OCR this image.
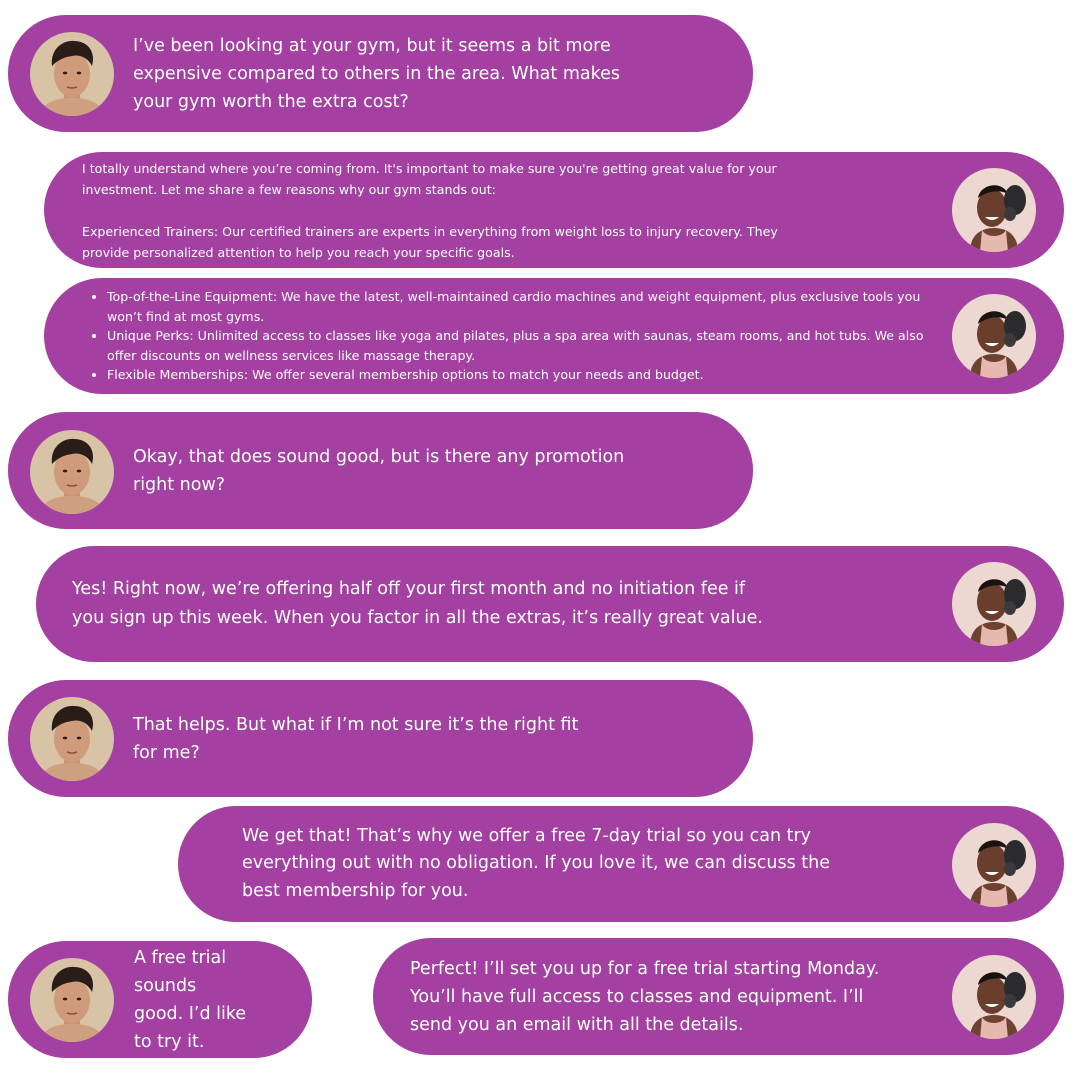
I’ve been looking at your gym, but it seems a bit more
expensive compared to others in the area. What makes
your gym worth the extra cost?
I totally understand where you’re coming from. It's important to make sure you're getting great value for your
investment. Let me share a few reasons why our gym stands out:

Experienced Trainers: Our certified trainers are experts in everything from weight loss to injury recovery. They
provide personalized attention to help you reach your specific goals.
• Top-of-the-Line Equipment: We have the latest, well-maintained cardio machines and weight equipment, plus exclusive tools you won’t find at most gyms.
• Unique Perks: Unlimited access to classes like yoga and pilates, plus a spa area with saunas, steam rooms, and hot tubs. We also offer discounts on wellness services like massage therapy.
• Flexible Memberships: We offer several membership options to match your needs and budget.
Okay, that does sound good, but is there any promotion
right now?
Yes! Right now, we’re offering half off your first month and no initiation fee if
you sign up this week. When you factor in all the extras, it’s really great value.
That helps. But what if I’m not sure it’s the right fit
for me?
We get that! That’s why we offer a free 7-day trial so you can try
everything out with no obligation. If you love it, we can discuss the
best membership for you.
A free trial
sounds
good. I’d like
to try it.
Perfect! I’ll set you up for a free trial starting Monday.
You’ll have full access to classes and equipment. I’ll
send you an email with all the details.
